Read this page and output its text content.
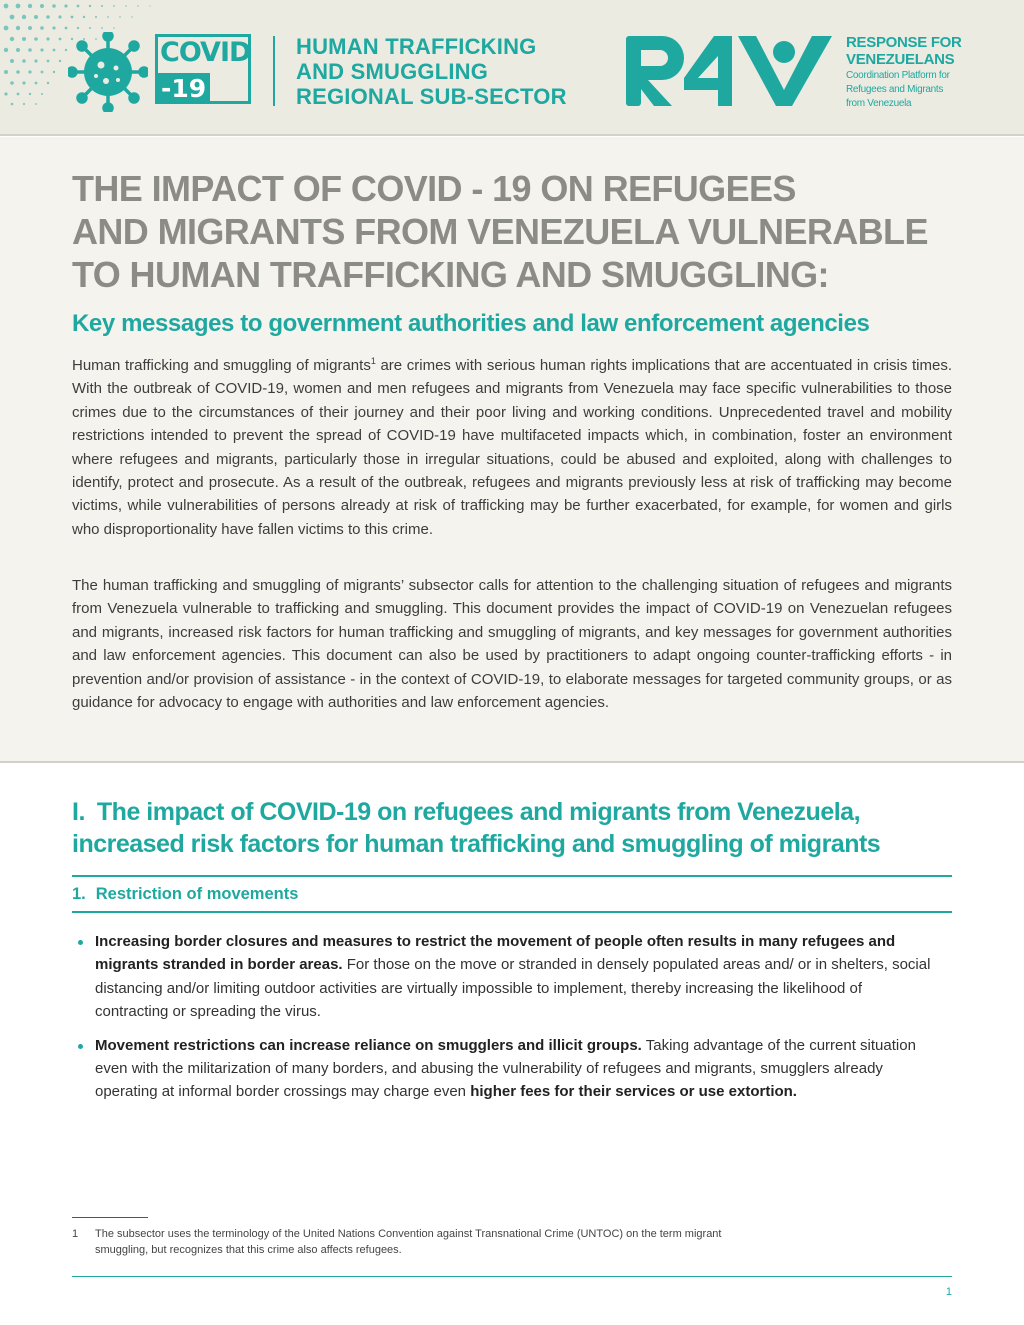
COVID
-19
HUMAN TRAFFICKING
AND SMUGGLING
REGIONAL SUB-SECTOR
RESPONSE FOR
VENEZUELANS
Coordination Platform for
Refugees and Migrants
from Venezuela
THE IMPACT OF COVID - 19 ON REFUGEES
AND MIGRANTS FROM VENEZUELA VULNERABLE
TO HUMAN TRAFFICKING AND SMUGGLING:
Key messages to government authorities and law enforcement agencies

Human trafficking and smuggling of migrants$^1$ are crimes with serious human rights implications that are accentuated in crisis times. With the outbreak of COVID-19, women and men refugees and migrants from Venezuela may face specific vulnerabilities to those crimes due to the circumstances of their journey and their poor living and working conditions. Unprecedented travel and mobility restrictions intended to prevent the spread of COVID-19 have multifaceted impacts which, in combination, foster an environment where refugees and migrants, particularly those in irregular situations, could be abused and exploited, along with challenges to identify, protect and prosecute. As a result of the outbreak, refugees and migrants previously less at risk of trafficking may become victims, while vulnerabilities of persons already at risk of trafficking may be further exacerbated, for example, for women and girls who disproportionality have fallen victims to this crime.

The human trafficking and smuggling of migrants’ subsector calls for attention to the challenging situation of refugees and migrants from Venezuela vulnerable to trafficking and smuggling. This document provides the impact of COVID-19 on Venezuelan refugees and migrants, increased risk factors for human trafficking and smuggling of migrants, and key messages for government authorities and law enforcement agencies. This document can also be used by practitioners to adapt ongoing counter-trafficking efforts - in prevention and/or provision of assistance - in the context of COVID-19, to elaborate messages for targeted community groups, or as guidance for advocacy to engage with authorities and law enforcement agencies.

I. The impact of COVID-19 on refugees and migrants from Venezuela,
increased risk factors for human trafficking and smuggling of migrants
1. Restriction of movements
Increasing border closures and measures to restrict the movement of people often results in many refugees and migrants stranded in border areas. For those on the move or stranded in densely populated areas and/ or in shelters, social distancing and/or limiting outdoor activities are virtually impossible to implement, thereby increasing the likelihood of contracting or spreading the virus.
Movement restrictions can increase reliance on smugglers and illicit groups. Taking advantage of the current situation even with the militarization of many borders, and abusing the vulnerability of refugees and migrants, smugglers already operating at informal border crossings may charge even higher fees for their services or use extortion.
1 The subsector uses the terminology of the United Nations Convention against Transnational Crime (UNTOC) on the term migrant smuggling, but recognizes that this crime also affects refugees.
1
